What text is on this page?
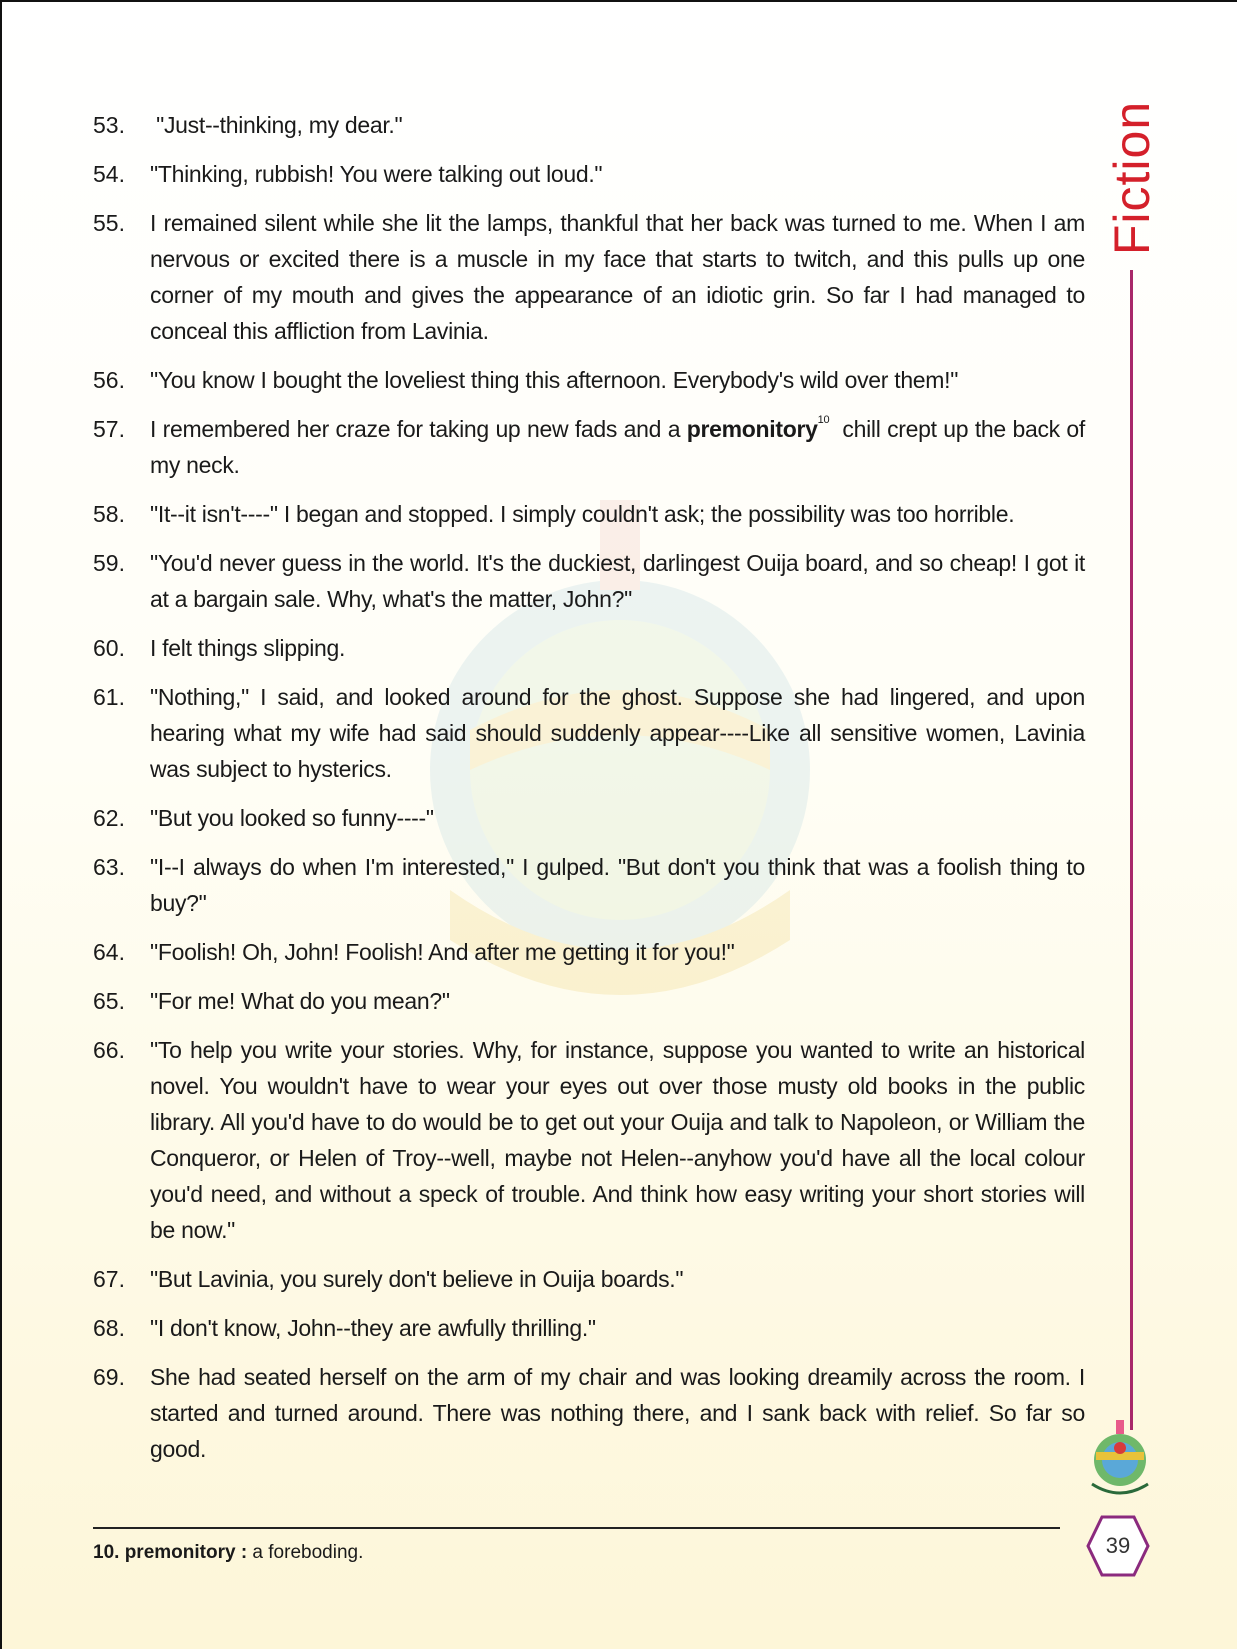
53.	"Just--thinking, my dear."
54.	"Thinking, rubbish! You were talking out loud."
55.	I remained silent while she lit the lamps, thankful that her back was turned to me. When I am nervous or excited there is a muscle in my face that starts to twitch, and this pulls up one corner of my mouth and gives the appearance of an idiotic grin. So far I had managed to conceal this affliction from Lavinia.
56.	"You know I bought the loveliest thing this afternoon. Everybody's wild over them!"
57.	I remembered her craze for taking up new fads and a premonitory$^{10}$  chill crept up the back of my neck.
58.	"It--it isn't----" I began and stopped. I simply couldn't ask; the possibility was too horrible.
59.	"You'd never guess in the world. It's the duckiest, darlingest Ouija board, and so cheap! I got it at a bargain sale. Why, what's the matter, John?"
60.	I felt things slipping.
61.	"Nothing," I said, and looked around for the ghost. Suppose she had lingered, and upon hearing what my wife had said should suddenly appear----Like all sensitive women, Lavinia was subject to hysterics.
62.	"But you looked so funny----"
63.	"I--I always do when I'm interested," I gulped. "But don't you think that was a foolish thing to buy?"
64.	"Foolish! Oh, John! Foolish! And after me getting it for you!"
65.	"For me! What do you mean?"
66.	"To help you write your stories. Why, for instance, suppose you wanted to write an historical novel. You wouldn't have to wear your eyes out over those musty old books in the public library. All you'd have to do would be to get out your Ouija and talk to Napoleon, or William the Conqueror, or Helen of Troy--well, maybe not Helen--anyhow you'd have all the local colour you'd need, and without a speck of trouble. And think how easy writing your short stories will be now."
67.	"But Lavinia, you surely don't believe in Ouija boards."
68.	"I don't know, John--they are awfully thrilling."
69.	She had seated herself on the arm of my chair and was looking dreamily across the room. I started and turned around. There was nothing there, and I sank back with relief. So far so good.
Fiction
10. premonitory : a foreboding.	39
